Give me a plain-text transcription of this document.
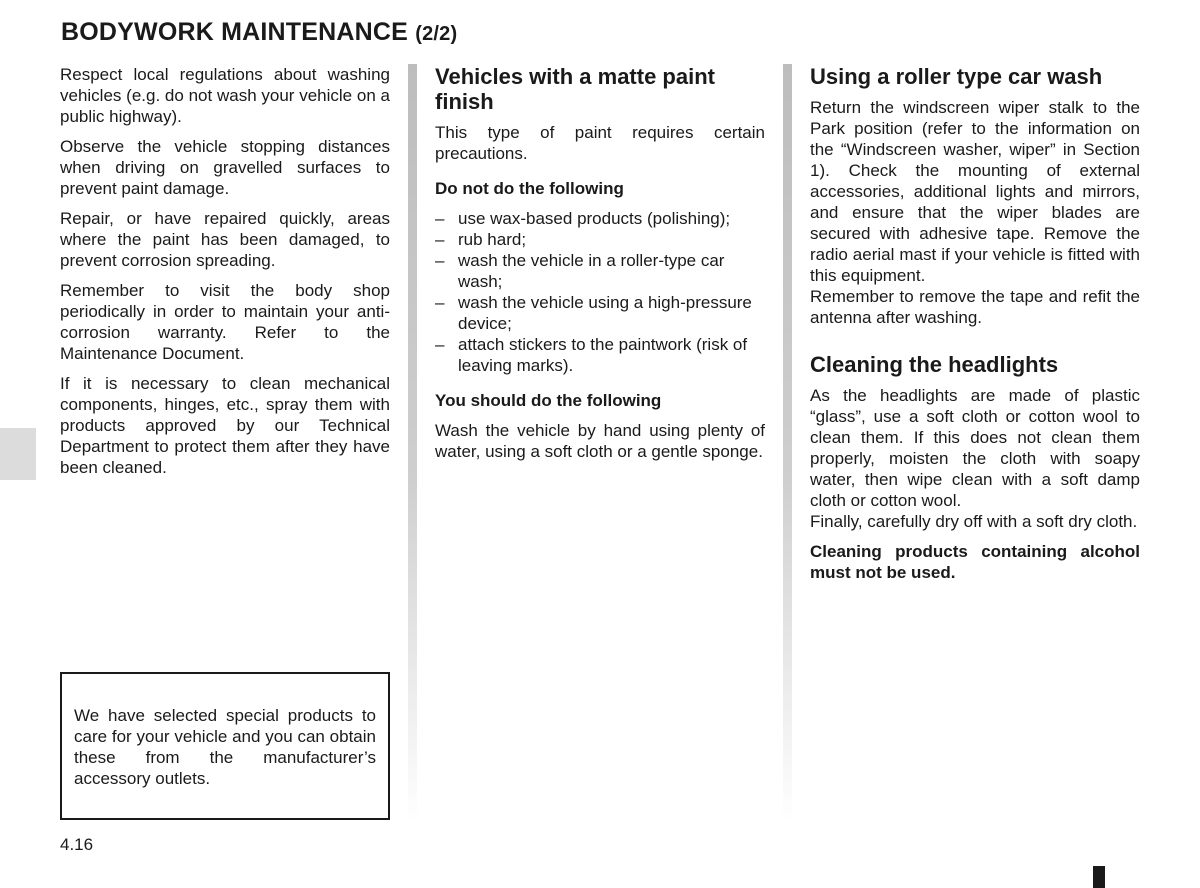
BODYWORK MAINTENANCE (2/2)

Respect local regulations about washing vehicles (e.g. do not wash your vehicle on a public highway).

Observe the vehicle stopping distances when driving on gravelled surfaces to prevent paint damage.

Repair, or have repaired quickly, areas where the paint has been damaged, to prevent corrosion spreading.

Remember to visit the body shop periodically in order to maintain your anti-corrosion warranty. Refer to the Maintenance Document.

If it is necessary to clean mechanical components, hinges, etc., spray them with products approved by our Technical Department to protect them after they have been cleaned.

We have selected special products to care for your vehicle and you can obtain these from the manufacturer’s accessory outlets.

Vehicles with a matte paint finish

This type of paint requires certain precautions.

Do not do the following
– use wax-based products (polishing);
– rub hard;
– wash the vehicle in a roller-type car wash;
– wash the vehicle using a high-pressure device;
– attach stickers to the paintwork (risk of leaving marks).
You should do the following

Wash the vehicle by hand using plenty of water, using a soft cloth or a gentle sponge.

Using a roller type car wash

Return the windscreen wiper stalk to the Park position (refer to the information on the “Windscreen washer, wiper” in Section 1). Check the mounting of external accessories, additional lights and mirrors, and ensure that the wiper blades are secured with adhesive tape. Remove the radio aerial mast if your vehicle is fitted with this equipment.

Remember to remove the tape and refit the antenna after washing.

Cleaning the headlights

As the headlights are made of plastic “glass”, use a soft cloth or cotton wool to clean them. If this does not clean them properly, moisten the cloth with soapy water, then wipe clean with a soft damp cloth or cotton wool.

Finally, carefully dry off with a soft dry cloth.

Cleaning products containing alcohol must not be used.

4.16
